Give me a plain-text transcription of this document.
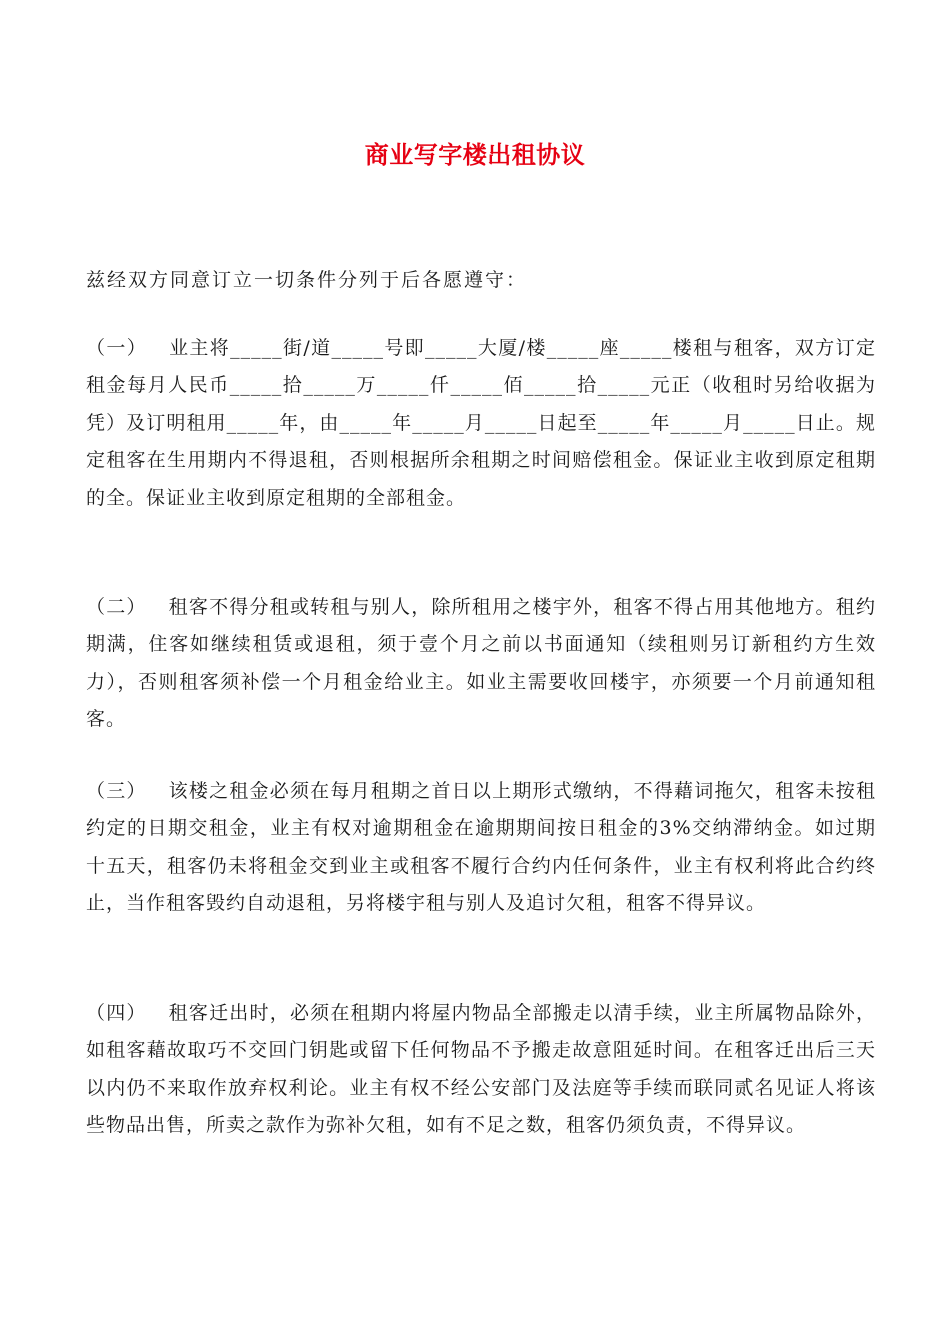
商业写字楼出租协议
兹经双方同意订立一切条件分列于后各愿遵守：
（一） 业主将_____街/道_____号即_____大厦/楼_____座_____楼租与租客，双方订定租金每月人民币_____拾_____万_____仟_____佰_____拾_____元正（收租时另给收据为凭）及订明租用_____年，由_____年_____月_____日起至_____年_____月_____日止。规定租客在生用期内不得退租，否则根据所余租期之时间赔偿租金。保证业主收到原定租期的全。保证业主收到原定租期的全部租金。
（二） 租客不得分租或转租与别人，除所租用之楼宇外，租客不得占用其他地方。租约期满，住客如继续租赁或退租，须于壹个月之前以书面通知（续租则另订新租约方生效力），否则租客须补偿一个月租金给业主。如业主需要收回楼宇，亦须要一个月前通知租客。
（三） 该楼之租金必须在每月租期之首日以上期形式缴纳，不得藉词拖欠，租客未按租约定的日期交租金，业主有权对逾期租金在逾期期间按日租金的3%交纳滞纳金。如过期十五天，租客仍未将租金交到业主或租客不履行合约内任何条件，业主有权利将此合约终止，当作租客毁约自动退租，另将楼宇租与别人及追讨欠租，租客不得异议。
（四） 租客迁出时，必须在租期内将屋内物品全部搬走以清手续，业主所属物品除外，如租客藉故取巧不交回门钥匙或留下任何物品不予搬走故意阻延时间。在租客迁出后三天以内仍不来取作放弃权利论。业主有权不经公安部门及法庭等手续而联同贰名见证人将该些物品出售，所卖之款作为弥补欠租，如有不足之数，租客仍须负责，不得异议。
